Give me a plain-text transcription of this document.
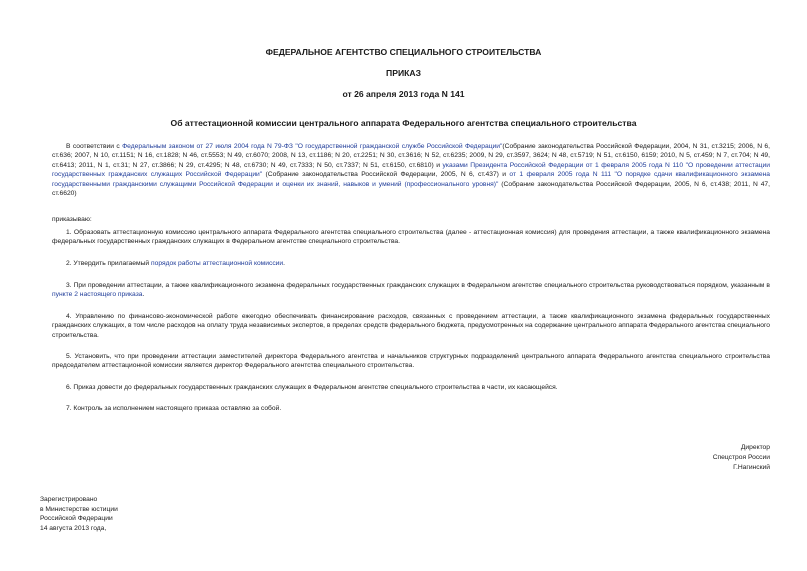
ФЕДЕРАЛЬНОЕ АГЕНТСТВО СПЕЦИАЛЬНОГО СТРОИТЕЛЬСТВА
ПРИКАЗ
от 26 апреля 2013 года N 141
Об аттестационной комиссии центрального аппарата Федерального агентства специального строительства
В соответствии с Федеральным законом от 27 июля 2004 года N 79-ФЗ "О государственной гражданской службе Российской Федерации"(Собрание законодательства Российской Федерации, 2004, N 31, ст.3215; 2006, N 6, ст.636; 2007, N 10, ст.1151; N 16, ст.1828; N 46, ст.5553; N 49, ст.6070; 2008, N 13, ст.1186; N 20, ст.2251; N 30, ст.3616; N 52, ст.6235; 2009, N 29, ст.3597, 3624; N 48, ст.5719; N 51, ст.6150, 6159; 2010, N 5, ст.459; N 7, ст.704; N 49, ст.6413; 2011, N 1, ст.31; N 27, ст.3866; N 29, ст.4295; N 48, ст.6730; N 49, ст.7333; N 50, ст.7337; N 51, ст.6150, ст.6810) и указами Президента Российской Федерации от 1 февраля 2005 года N 110 "О проведении аттестации государственных гражданских служащих Российской Федерации" (Собрание законодательства Российской Федерации, 2005, N 6, ст.437) и от 1 февраля 2005 года N 111 "О порядке сдачи квалификационного экзамена государственными гражданскими служащими Российской Федерации и оценки их знаний, навыков и умений (профессионального уровня)" (Собрание законодательства Российской Федерации, 2005, N 6, ст.438; 2011, N 47, ст.6620)
приказываю:
1. Образовать аттестационную комиссию центрального аппарата Федерального агентства специального строительства (далее - аттестационная комиссия) для проведения аттестации, а также квалификационного экзамена федеральных государственных гражданских служащих в Федеральном агентстве специального строительства.
2. Утвердить прилагаемый порядок работы аттестационной комиссии.
3. При проведении аттестации, а также квалификационного экзамена федеральных государственных гражданских служащих в Федеральном агентстве специального строительства руководствоваться порядком, указанным в пункте 2 настоящего приказа.
4. Управлению по финансово-экономической работе ежегодно обеспечивать финансирование расходов, связанных с проведением аттестации, а также квалификационного экзамена федеральных государственных гражданских служащих, в том числе расходов на оплату труда независимых экспертов, в пределах средств федерального бюджета, предусмотренных на содержание центрального аппарата Федерального агентства специального строительства.
5. Установить, что при проведении аттестации заместителей директора Федерального агентства и начальников структурных подразделений центрального аппарата Федерального агентства специального строительства председателем аттестационной комиссии является директор Федерального агентства специального строительства.
6. Приказ довести до федеральных государственных гражданских служащих в Федеральном агентстве специального строительства в части, их касающейся.
7. Контроль за исполнением настоящего приказа оставляю за собой.
Директор
Спецстроя России
Г.Нагинский
Зарегистрировано
в Министерстве юстиции
Российской Федерации
14 августа 2013 года,
